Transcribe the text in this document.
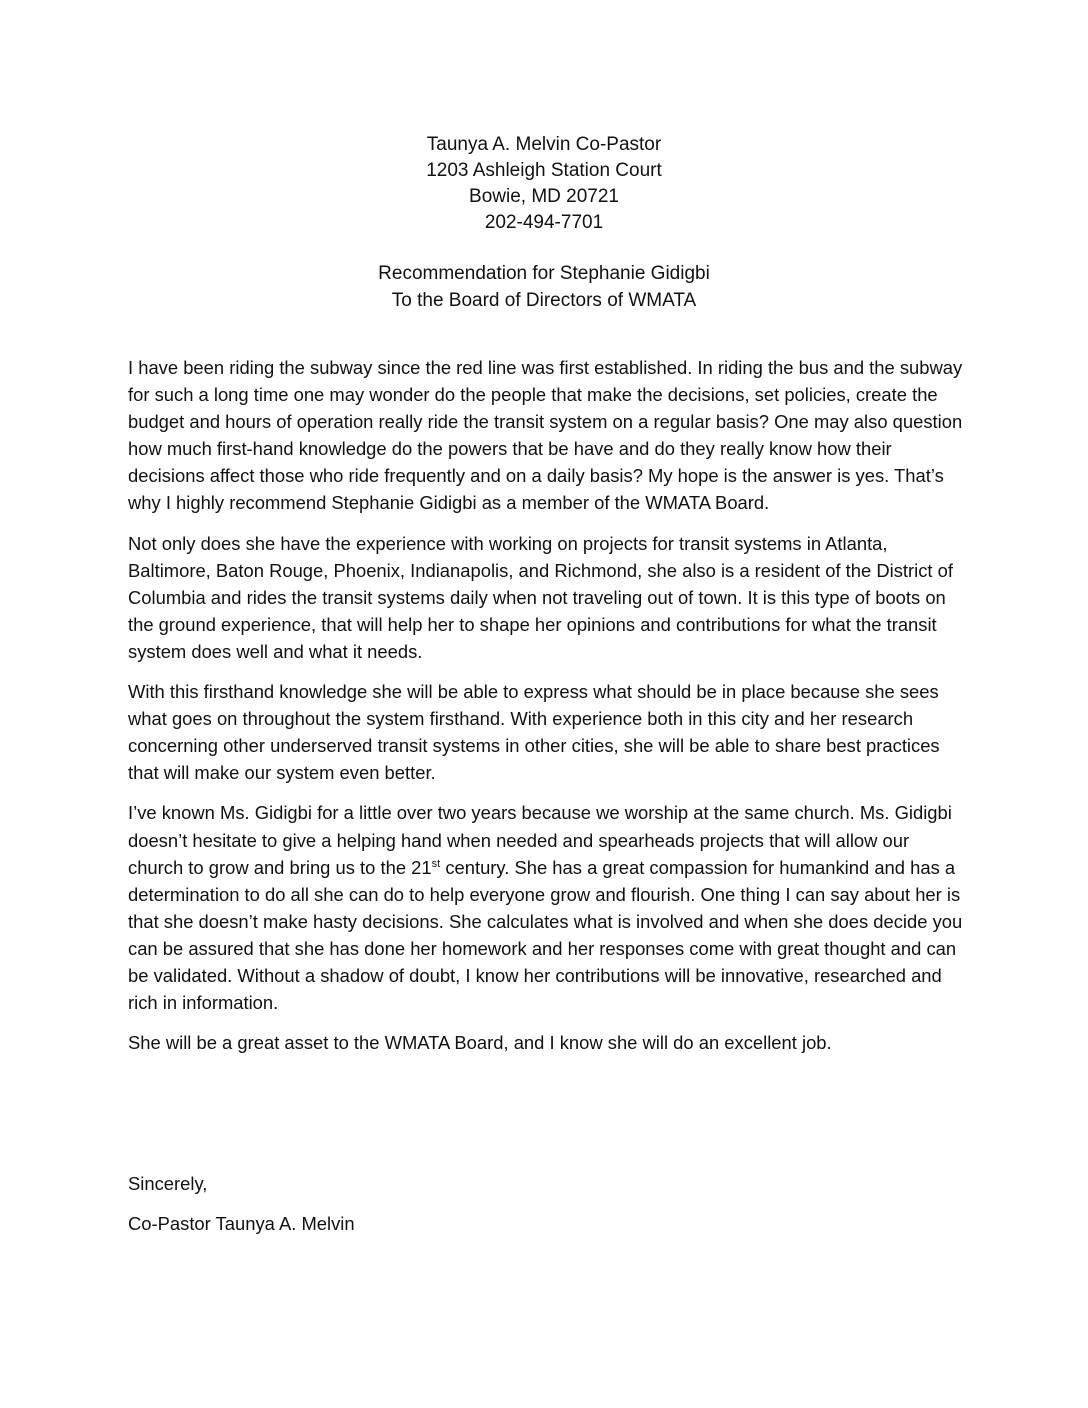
Taunya A. Melvin Co-Pastor
1203 Ashleigh Station Court
Bowie, MD 20721
202-494-7701
Recommendation for Stephanie Gidigbi
To the Board of Directors of WMATA

I have been riding the subway since the red line was first established. In riding the bus and the subway for such a long time one may wonder do the people that make the decisions, set policies, create the budget and hours of operation really ride the transit system on a regular basis? One may also question how much first-hand knowledge do the powers that be have and do they really know how their decisions affect those who ride frequently and on a daily basis? My hope is the answer is yes. That’s why I highly recommend Stephanie Gidigbi as a member of the WMATA Board.

Not only does she have the experience with working on projects for transit systems in Atlanta, Baltimore, Baton Rouge, Phoenix, Indianapolis, and Richmond, she also is a resident of the District of Columbia and rides the transit systems daily when not traveling out of town. It is this type of boots on the ground experience, that will help her to shape her opinions and contributions for what the transit system does well and what it needs.

With this firsthand knowledge she will be able to express what should be in place because she sees what goes on throughout the system firsthand. With experience both in this city and her research concerning other underserved transit systems in other cities, she will be able to share best practices that will make our system even better.

I’ve known Ms. Gidigbi for a little over two years because we worship at the same church. Ms. Gidigbi doesn’t hesitate to give a helping hand when needed and spearheads projects that will allow our church to grow and bring us to the 21st century. She has a great compassion for humankind and has a determination to do all she can do to help everyone grow and flourish. One thing I can say about her is that she doesn’t make hasty decisions. She calculates what is involved and when she does decide you can be assured that she has done her homework and her responses come with great thought and can be validated. Without a shadow of doubt, I know her contributions will be innovative, researched and rich in information.

She will be a great asset to the WMATA Board, and I know she will do an excellent job.

Sincerely,
Co-Pastor Taunya A. Melvin
